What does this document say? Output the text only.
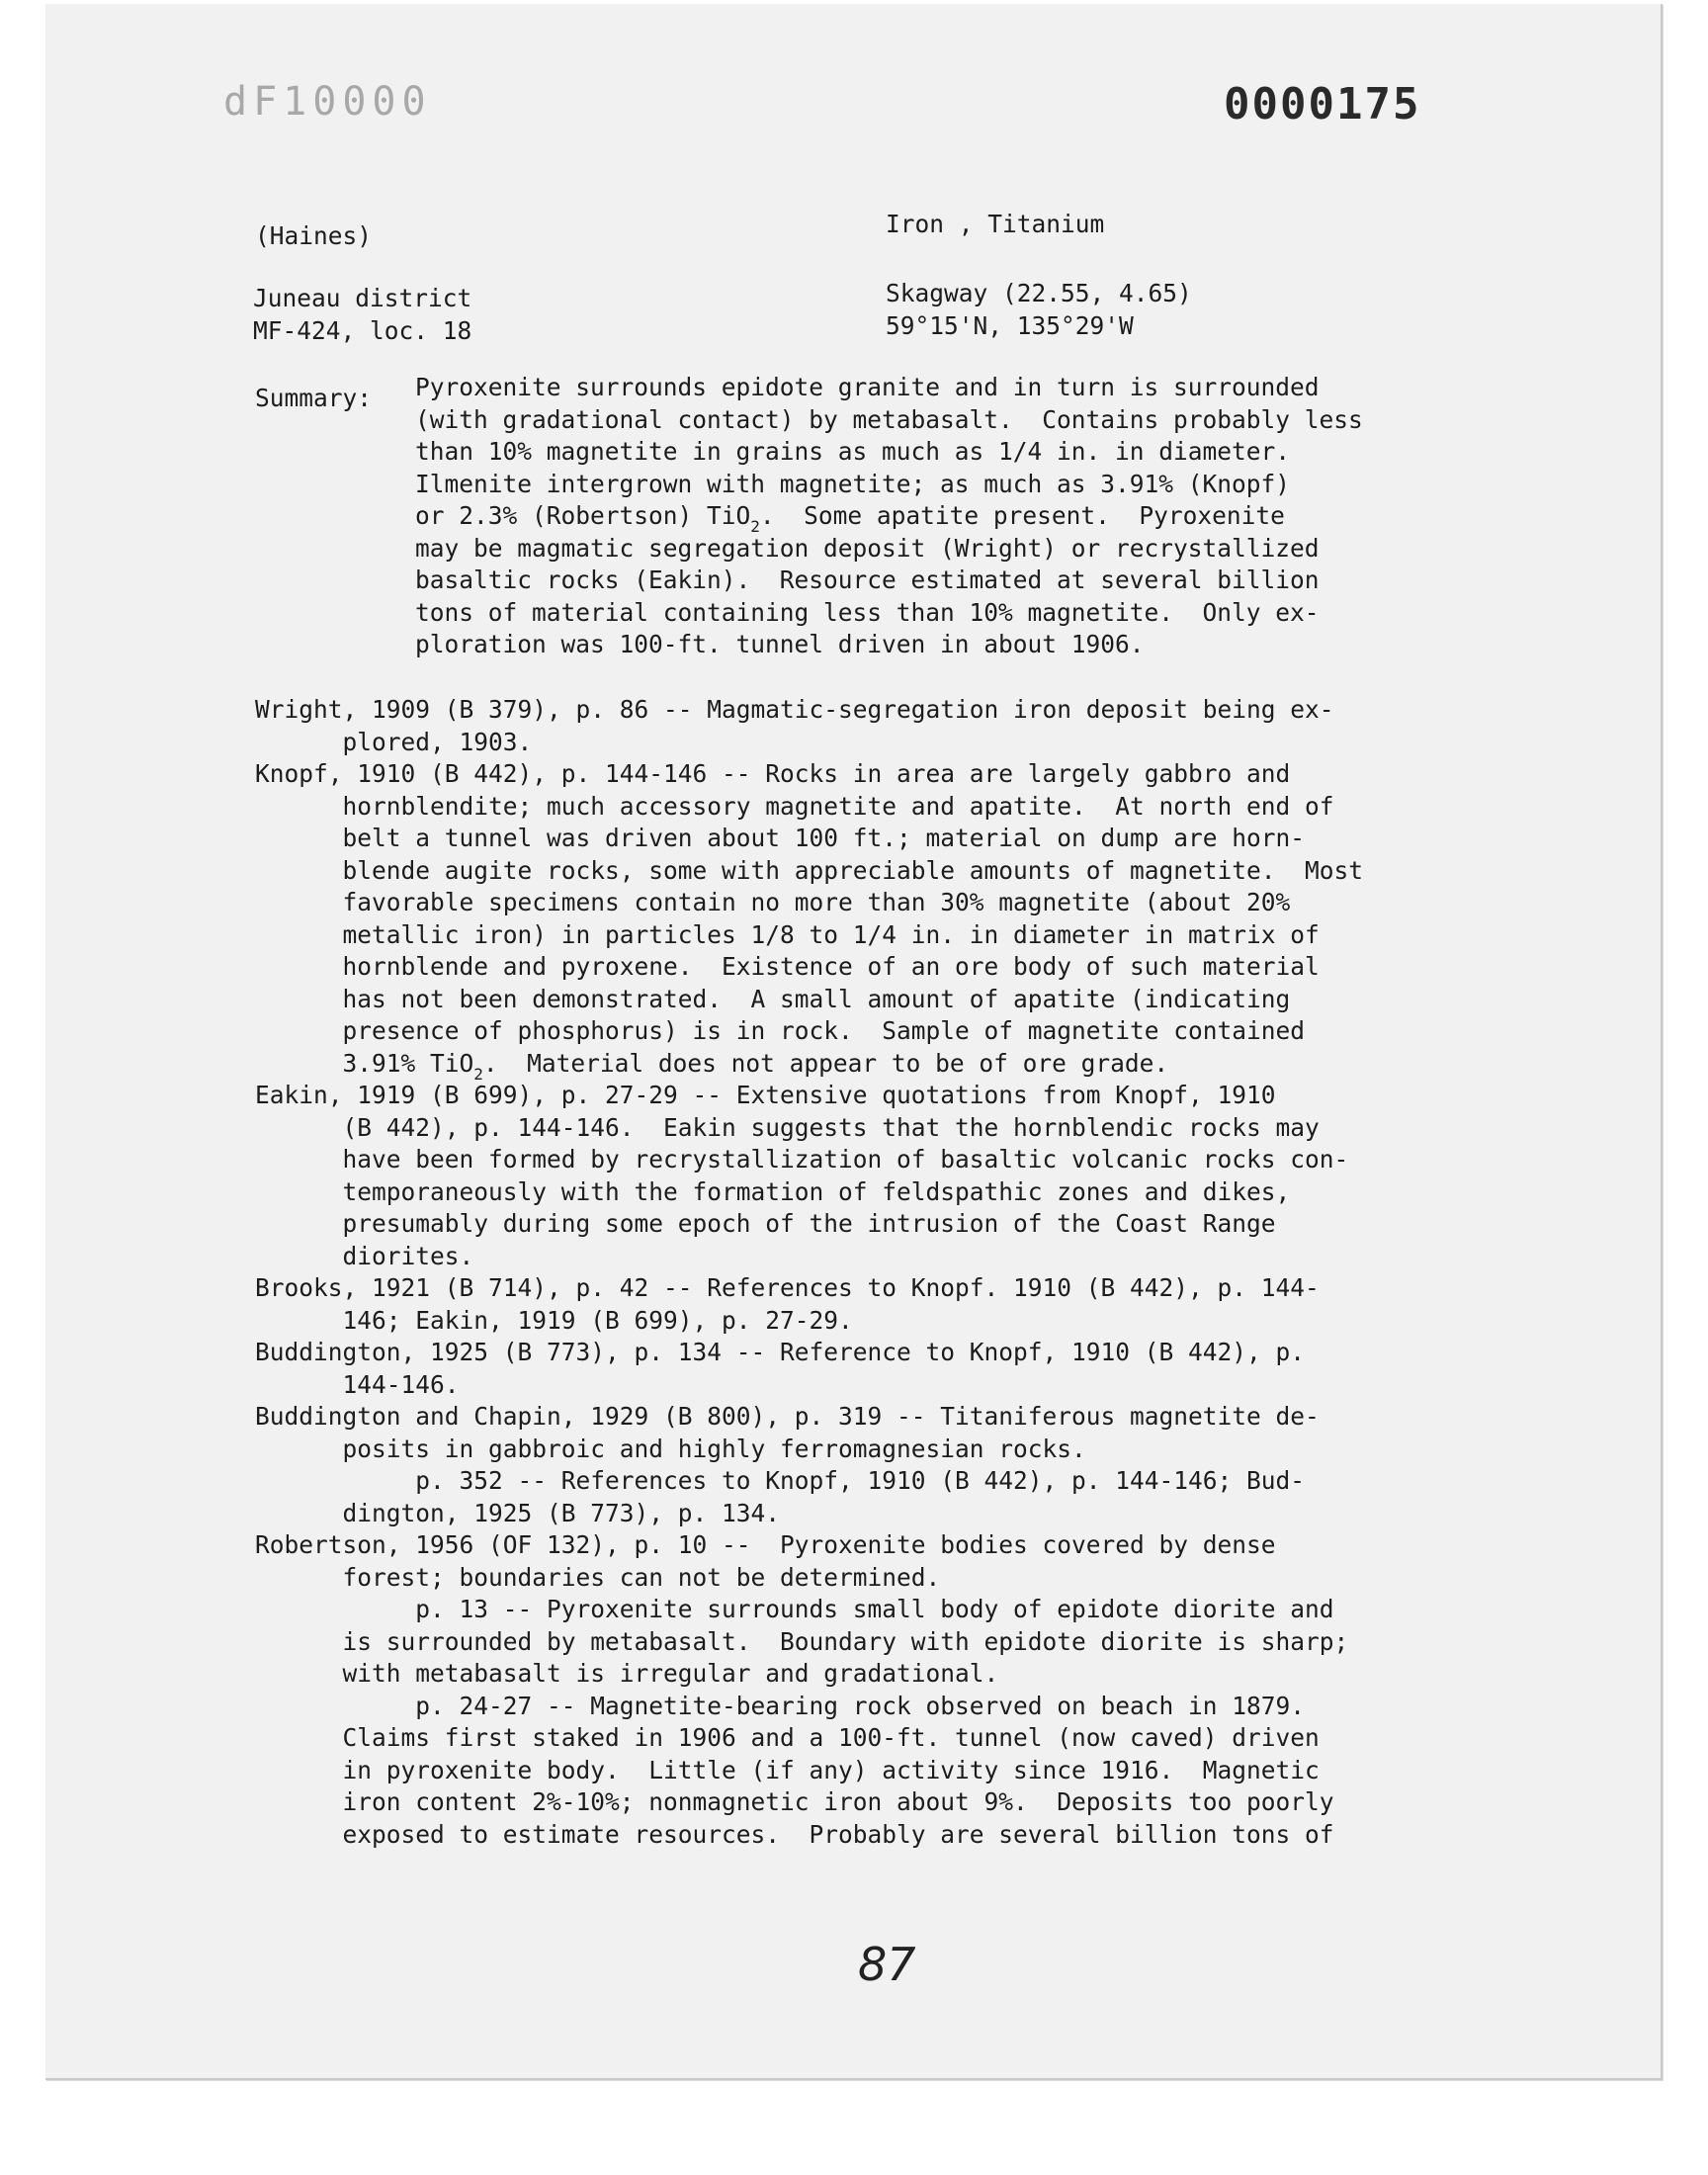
dF10000	0000175
(Haines)	Iron , Titanium
Juneau district
MF-424, loc. 18
Skagway (22.55, 4.65)
59°15'N, 135°29'W
Summary: Pyroxenite surrounds epidote granite and in turn is surrounded
(with gradational contact) by metabasalt.  Contains probably less
than 10% magnetite in grains as much as 1/4 in. in diameter.
Ilmenite intergrown with magnetite; as much as 3.91% (Knopf)
or 2.3% (Robertson) TiO$_2$.  Some apatite present.  Pyroxenite
may be magmatic segregation deposit (Wright) or recrystallized
basaltic rocks (Eakin).  Resource estimated at several billion
tons of material containing less than 10% magnetite.  Only ex-
ploration was 100-ft. tunnel driven in about 1906.
Wright, 1909 (B 379), p. 86 -- Magmatic-segregation iron deposit being ex-
plored, 1903.
Knopf, 1910 (B 442), p. 144-146 -- Rocks in area are largely gabbro and
hornblendite; much accessory magnetite and apatite.  At north end of
belt a tunnel was driven about 100 ft.; material on dump are horn-
blende augite rocks, some with appreciable amounts of magnetite.  Most
favorable specimens contain no more than 30% magnetite (about 20%
metallic iron) in particles 1/8 to 1/4 in. in diameter in matrix of
hornblende and pyroxene.  Existence of an ore body of such material
has not been demonstrated.  A small amount of apatite (indicating
presence of phosphorus) is in rock.  Sample of magnetite contained
3.91% TiO$_2$.  Material does not appear to be of ore grade.
Eakin, 1919 (B 699), p. 27-29 -- Extensive quotations from Knopf, 1910
(B 442), p. 144-146.  Eakin suggests that the hornblendic rocks may
have been formed by recrystallization of basaltic volcanic rocks con-
temporaneously with the formation of feldspathic zones and dikes,
presumably during some epoch of the intrusion of the Coast Range
diorites.
Brooks, 1921 (B 714), p. 42 -- References to Knopf. 1910 (B 442), p. 144-
146; Eakin, 1919 (B 699), p. 27-29.
Buddington, 1925 (B 773), p. 134 -- Reference to Knopf, 1910 (B 442), p.
144-146.
Buddington and Chapin, 1929 (B 800), p. 319 -- Titaniferous magnetite de-
posits in gabbroic and highly ferromagnesian rocks.
p. 352 -- References to Knopf, 1910 (B 442), p. 144-146; Bud-
dington, 1925 (B 773), p. 134.
Robertson, 1956 (OF 132), p. 10 --  Pyroxenite bodies covered by dense
forest; boundaries can not be determined.
p. 13 -- Pyroxenite surrounds small body of epidote diorite and
is surrounded by metabasalt.  Boundary with epidote diorite is sharp;
with metabasalt is irregular and gradational.
p. 24-27 -- Magnetite-bearing rock observed on beach in 1879.
Claims first staked in 1906 and a 100-ft. tunnel (now caved) driven
in pyroxenite body.  Little (if any) activity since 1916.  Magnetic
iron content 2%-10%; nonmagnetic iron about 9%.  Deposits too poorly
exposed to estimate resources.  Probably are several billion tons of
87
